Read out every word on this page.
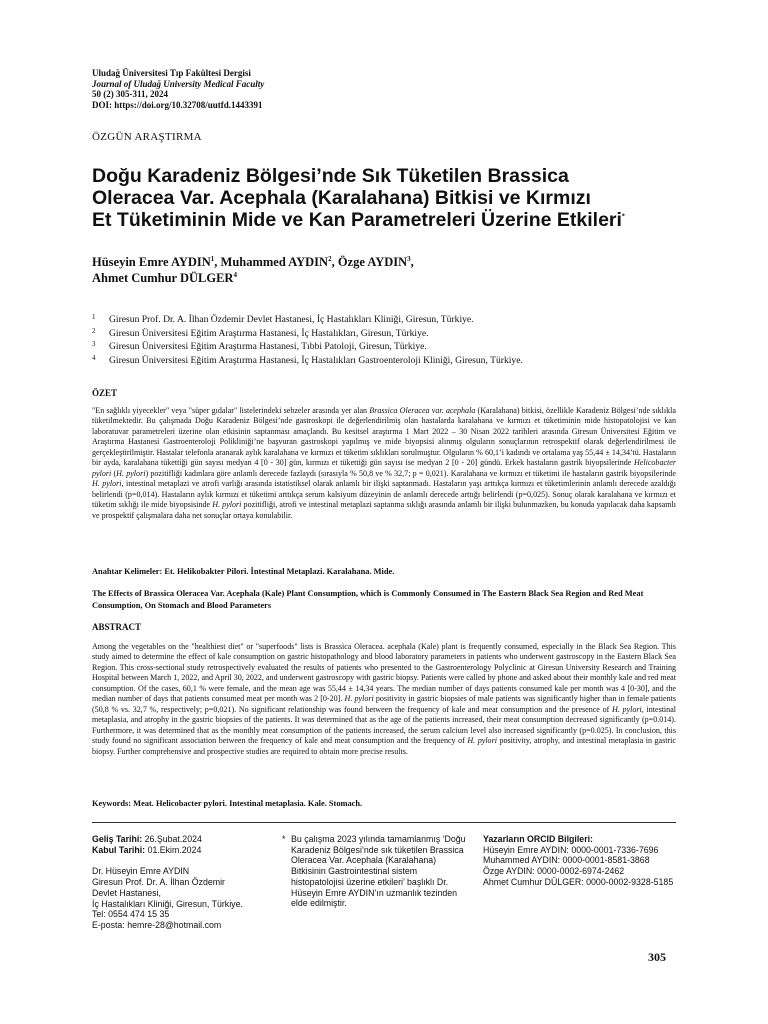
Uludağ Üniversitesi Tıp Fakültesi Dergisi
Journal of Uludağ University Medical Faculty
50 (2) 305-311, 2024
DOI: https://doi.org/10.32708/uutfd.1443391
ÖZGÜN ARAŞTIRMA
Doğu Karadeniz Bölgesi’nde Sık Tüketilen Brassica
Oleracea Var. Acephala (Karalahana) Bitkisi ve Kırmızı
Et Tüketiminin Mide ve Kan Parametreleri Üzerine Etkileri*
Hüseyin Emre AYDIN$^1$, Muhammed AYDIN$^2$, Özge AYDIN$^3$,
Ahmet Cumhur DÜLGER$^4$
1 Giresun Prof. Dr. A. İlhan Özdemir Devlet Hastanesi, İç Hastalıkları Kliniği, Giresun, Türkiye.
2 Giresun Üniversitesi Eğitim Araştırma Hastanesi, İç Hastalıkları, Giresun, Türkiye.
3 Giresun Üniversitesi Eğitim Araştırma Hastanesi, Tıbbi Patoloji, Giresun, Türkiye.
4 Giresun Üniversitesi Eğitim Araştırma Hastanesi, İç Hastalıkları Gastroenteroloji Kliniği, Giresun, Türkiye.
ÖZET
"En sağlıklı yiyecekler" veya "süper gıdalar" listelerindeki sebzeler arasında yer alan Brassica Oleracea var. acephala (Karalahana) bitkisi, özellikle Karadeniz Bölgesi’nde sıklıkla tüketilmektedir. Bu çalışmada Doğu Karadeniz Bölgesi’nde gastroskopi ile değerlendirilmiş olan hastalarda karalahana ve kırmızı et tüketiminin mide histopatolojisi ve kan laboratuvar parametreleri üzerine olan etkisinin saptanması amaçlandı. Bu kesitsel araştırma 1 Mart 2022 – 30 Nisan 2022 tarihleri arasında Giresun Üniversitesi Eğitim ve Araştırma Hastanesi Gastroenteroloji Polikliniği’ne başvuran gastroskopi yapılmış ve mide biyopsisi alınmış olguların sonuçlarının retrospektif olarak değerlendirilmesi ile gerçekleştirilmiştir. Hastalar telefonla aranarak aylık karalahana ve kırmızı et tüketim sıklıkları sorulmuştur. Olguların % 60,1’i kadındı ve ortalama yaş 55,44 ± 14,34’tü. Hastaların bir ayda, karalahana tükettiği gün sayısı medyan 4 [0 - 30] gün, kırmızı et tükettiği gün sayısı ise medyan 2 [0 - 20] gündü. Erkek hastaların gastrik biyopsilerinde Helicobacter pylori (H. pylori) pozitifliği kadınlara göre anlamlı derecede fazlaydı (sırasıyla % 50,8 ve % 32,7; p = 0,021). Karalahana ve kırmızı et tüketimi ile hastaların gastrik biyopsilerinde H. pylori, intestinal metaplazi ve atrofi varlığı arasında istatistiksel olarak anlamlı bir ilişki saptanmadı. Hastaların yaşı arttıkça kırmızı et tüketimlerinin anlamlı derecede azaldığı belirlendi (p=0,014). Hastaların aylık kırmızı et tüketimi arttıkça serum kalsiyum düzeyinin de anlamlı derecede arttığı belirlendi (p=0,025). Sonuç olarak karalahana ve kırmızı et tüketim sıklığı ile mide biyopsisinde H. pylori pozitifliği, atrofi ve intestinal metaplazi saptanma sıklığı arasında anlamlı bir ilişki bulunmazken, bu konuda yapılacak daha kapsamlı ve prospektif çalışmalara daha net sonuçlar ortaya konulabilir.
Anahtar Kelimeler: Et. Helikobakter Pilori. İntestinal Metaplazi. Karalahana. Mide.
The Effects of Brassica Oleracea Var. Acephala (Kale) Plant Consumption, which is Commonly Consumed in The Eastern Black Sea Region and Red Meat Consumption, On Stomach and Blood Parameters
ABSTRACT
Among the vegetables on the "healthiest diet" or "superfoods" lists is Brassica Oleracea. acephala (Kale) plant is frequently consumed, especially in the Black Sea Region. This study aimed to determine the effect of kale consumption on gastric histopathology and blood laboratory parameters in patients who underwent gastroscopy in the Eastern Black Sea Region. This cross-sectional study retrospectively evaluated the results of patients who presented to the Gastroenterology Polyclinic at Giresun University Research and Training Hospital between March 1, 2022, and April 30, 2022, and underwent gastroscopy with gastric biopsy. Patients were called by phone and asked about their monthly kale and red meat consumption. Of the cases, 60,1 % were female, and the mean age was 55,44 ± 14,34 years. The median number of days patients consumed kale per month was 4 [0-30], and the median number of days that patients consumed meat per month was 2 [0-20]. H. pylori positivity in gastric biopsies of male patients was significantly higher than in female patients (50,8 % vs. 32,7 %, respectively; p=0,021). No significant relationship was found between the frequency of kale and meat consumption and the presence of H. pylori, intestinal metaplasia, and atrophy in the gastric biopsies of the patients. It was determined that as the age of the patients increased, their meat consumption decreased significantly (p=0.014). Furthermore, it was determined that as the monthly meat consumption of the patients increased, the serum calcium level also increased significantly (p=0.025). In conclusion, this study found no significant association between the frequency of kale and meat consumption and the frequency of H. pylori positivity, atrophy, and intestinal metaplasia in gastric biopsy. Further comprehensive and prospective studies are required to obtain more precise results.
Keywords: Meat. Helicobacter pylori. Intestinal metaplasia. Kale. Stomach.

Geliş Tarihi: 26.Şubat.2024

Kabul Tarihi: 01.Ekim.2024

Dr. Hüseyin Emre AYDIN

Giresun Prof. Dr. A. İlhan Özdemir

Devlet Hastanesi,

İç Hastalıkları Kliniği, Giresun, Türkiye.

Tel: 0554 474 15 35

E-posta: hemre-28@hotmail.com

* Bu çalışma 2023 yılında tamamlanmış ‘Doğu Karadeniz Bölgesi’nde sık tüketilen Brassica Oleracea Var. Acephala (Karalahana) Bitkisinin Gastrointestinal sistem histopatolojisi üzerine etkileri’ başlıklı Dr. Hüseyin Emre AYDIN’ın uzmanlık tezinden elde edilmiştir.

Yazarların ORCID Bilgileri:

Hüseyin Emre AYDIN: 0000-0001-7336-7696

Muhammed AYDIN: 0000-0001-8581-3868

Özge AYDIN: 0000-0002-6974-2462

Ahmet Cumhur DÜLGER: 0000-0002-9328-5185

305
